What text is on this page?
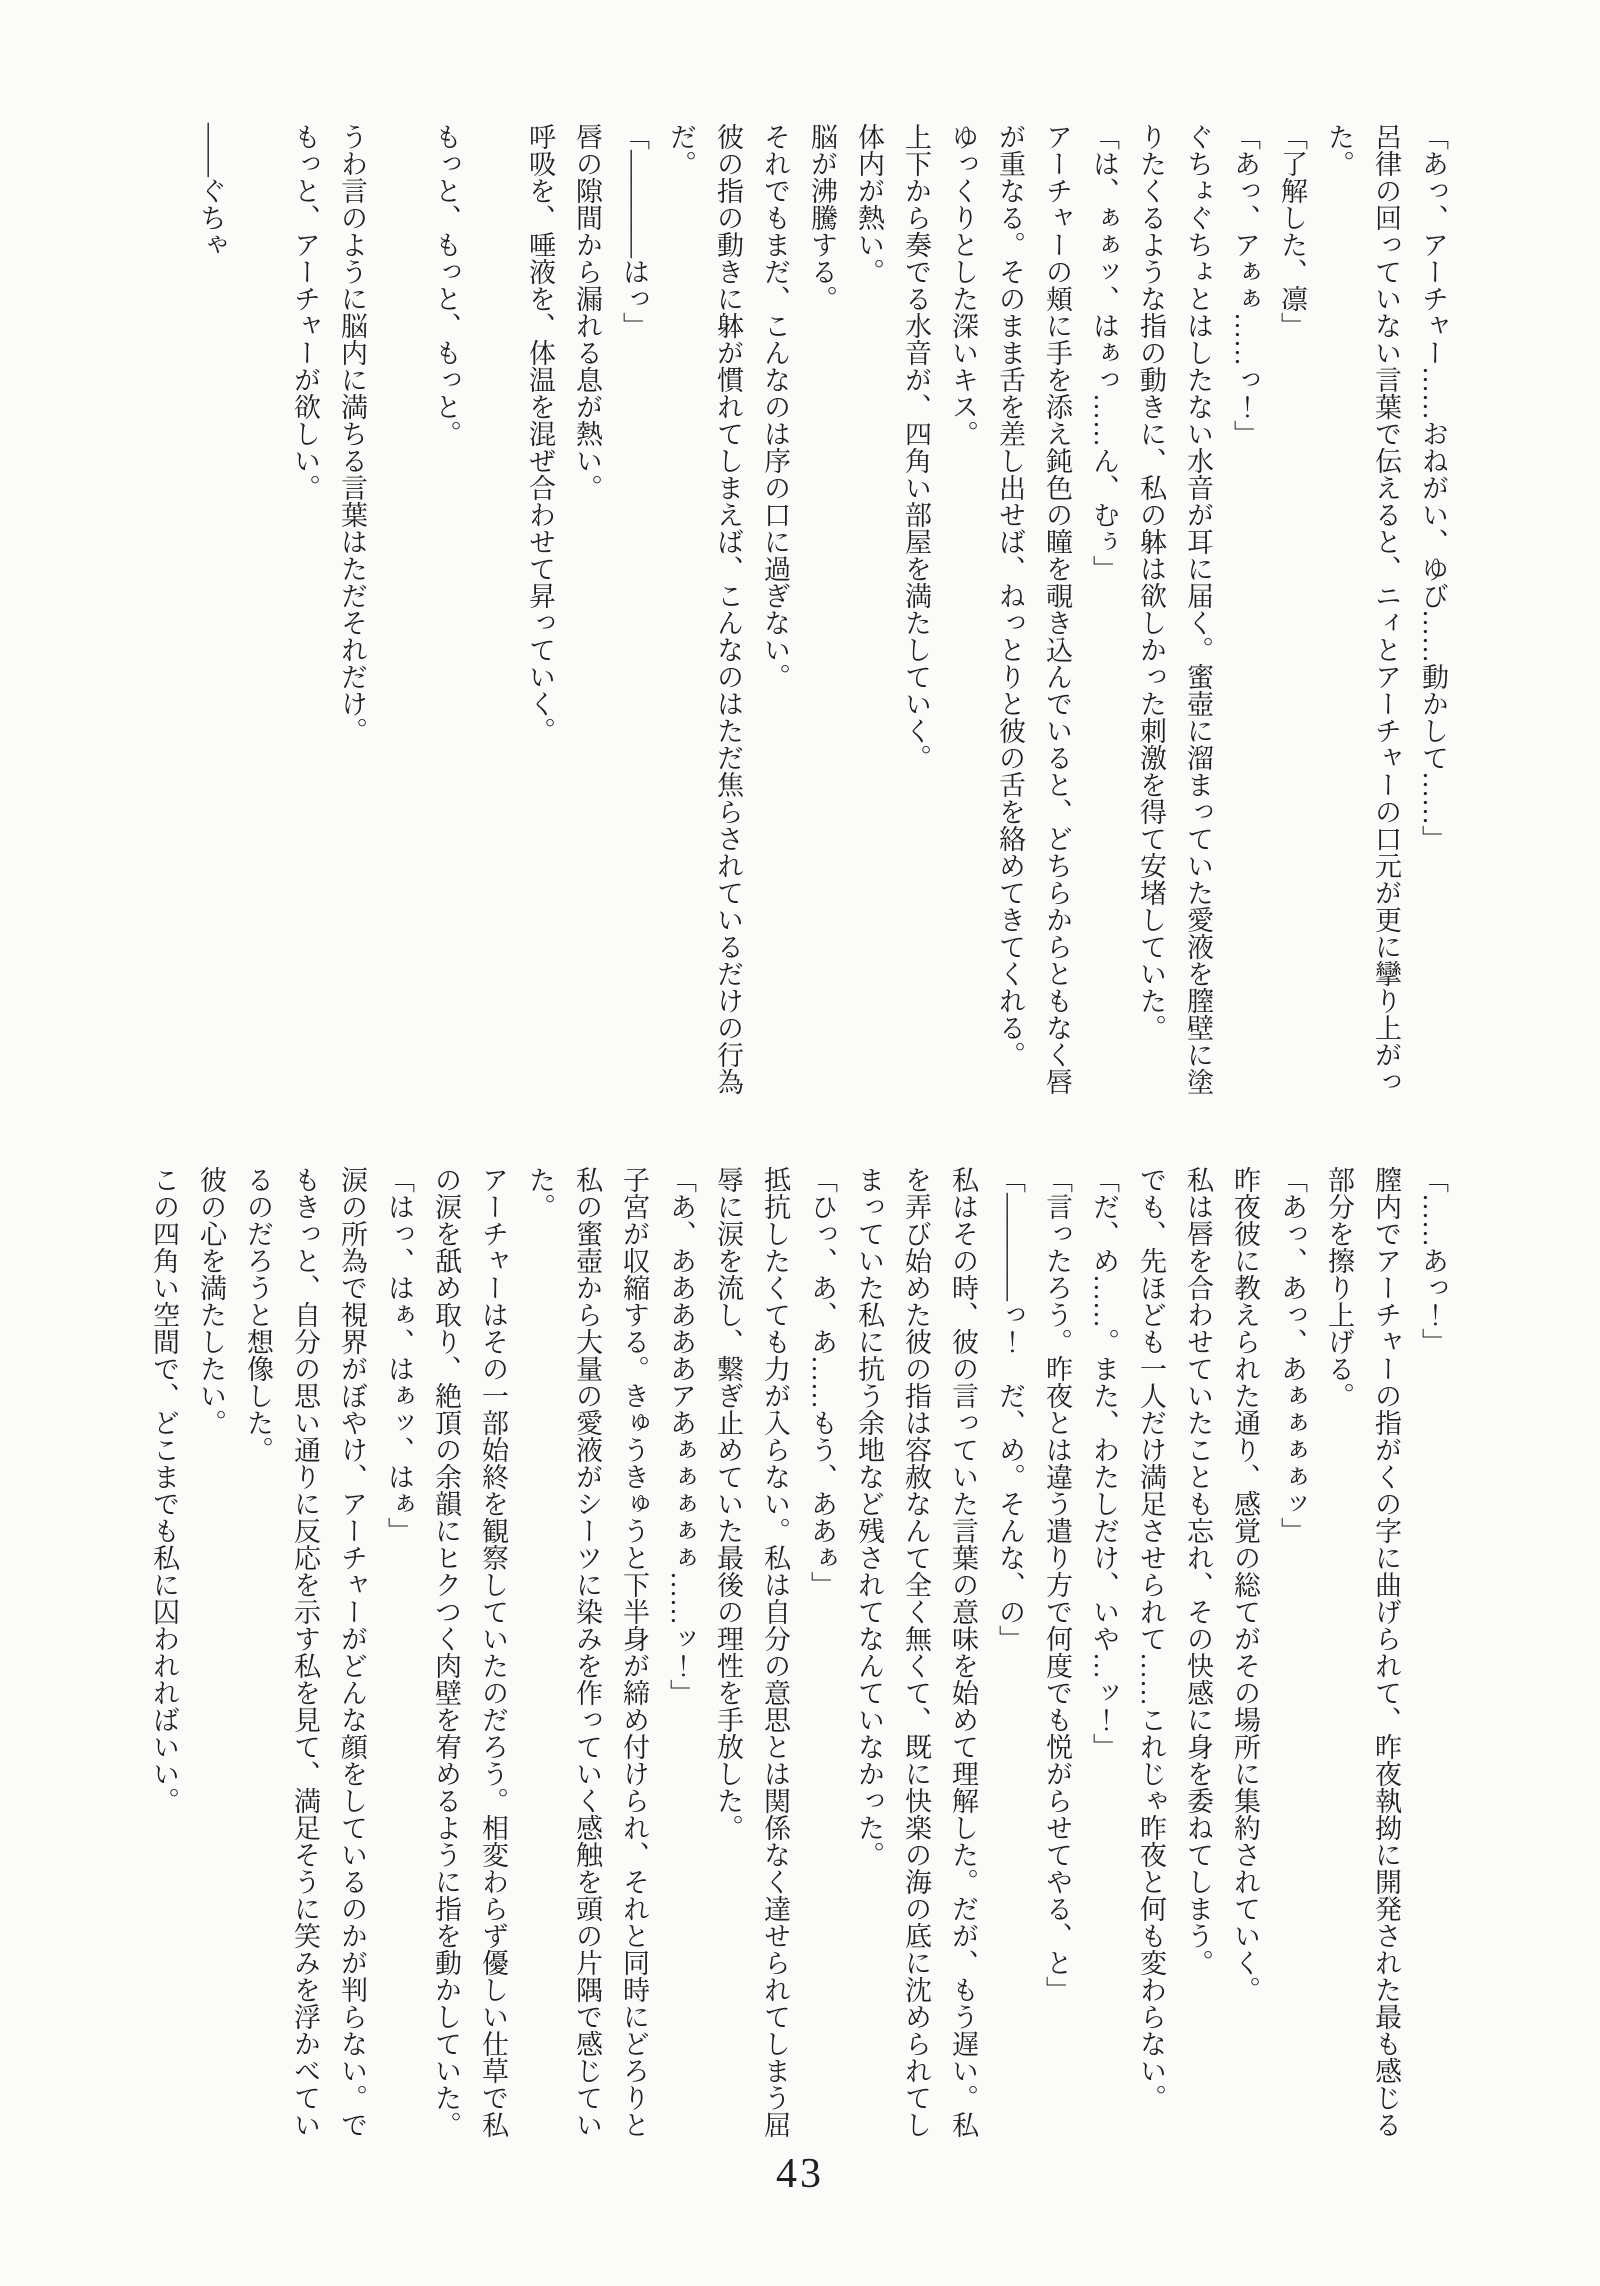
「あっ、アーチャー……おねがい、ゆび……動かして……」

呂律の回っていない言葉で伝えると、ニィとアーチャーの口元が更に攣り上がった。

「了解した、凛」

「あっ、アぁぁ……っ！」

ぐちょぐちょとはしたない水音が耳に届く。蜜壺に溜まっていた愛液を膣壁に塗りたくるような指の動きに、私の躰は欲しかった刺激を得て安堵していた。

「は、ぁぁッ、はぁっ……ん、むぅ」

アーチャーの頬に手を添え鈍色の瞳を覗き込んでいると、どちらからともなく唇が重なる。そのまま舌を差し出せば、ねっとりと彼の舌を絡めてきてくれる。

ゆっくりとした深いキス。

上下から奏でる水音が、四角い部屋を満たしていく。

体内が熱い。

脳が沸騰する。

それでもまだ、こんなのは序の口に過ぎない。

彼の指の動きに躰が慣れてしまえば、こんなのはただ焦らされているだけの行為だ。

「――――はっ」

唇の隙間から漏れる息が熱い。

呼吸を、唾液を、体温を混ぜ合わせて昇っていく。

もっと、もっと、もっと。

うわ言のように脳内に満ちる言葉はただそれだけ。

もっと、アーチャーが欲しい。

――ぐちゃ

「……あっ！」

膣内でアーチャーの指がくの字に曲げられて、昨夜執拗に開発された最も感じる部分を擦り上げる。

「あっ、あっ、あぁぁぁぁッ」

昨夜彼に教えられた通り、感覚の総てがその場所に集約されていく。

私は唇を合わせていたことも忘れ、その快感に身を委ねてしまう。

でも、先ほども一人だけ満足させられて……これじゃ昨夜と何も変わらない。

「だ、め……。また、わたしだけ、いや…ッ！」

「言ったろう。昨夜とは違う遣り方で何度でも悦がらせてやる、と」

「――――っ！　だ、め。そんな、の」

私はその時、彼の言っていた言葉の意味を始めて理解した。だが、もう遅い。私を弄び始めた彼の指は容赦なんて全く無くて、既に快楽の海の底に沈められてしまっていた私に抗う余地など残されてなんていなかった。

「ひっ、あ、あ……もう、ああぁ」

抵抗したくても力が入らない。私は自分の意思とは関係なく達せられてしまう屈辱に涙を流し、繋ぎ止めていた最後の理性を手放した。

「あ、あああああアあぁぁぁぁぁ……ッ！」

子宮が収縮する。きゅうきゅうと下半身が締め付けられ、それと同時にどろりと私の蜜壺から大量の愛液がシーツに染みを作っていく感触を頭の片隅で感じていた。

アーチャーはその一部始終を観察していたのだろう。相変わらず優しい仕草で私の涙を舐め取り、絶頂の余韻にヒクつく肉壁を宥めるように指を動かしていた。

「はっ、はぁ、はぁッ、はぁ」

涙の所為で視界がぼやけ、アーチャーがどんな顔をしているのかが判らない。でもきっと、自分の思い通りに反応を示す私を見て、満足そうに笑みを浮かべているのだろうと想像した。

彼の心を満たしたい。

この四角い空間で、どこまでも私に囚われればいい。

43
